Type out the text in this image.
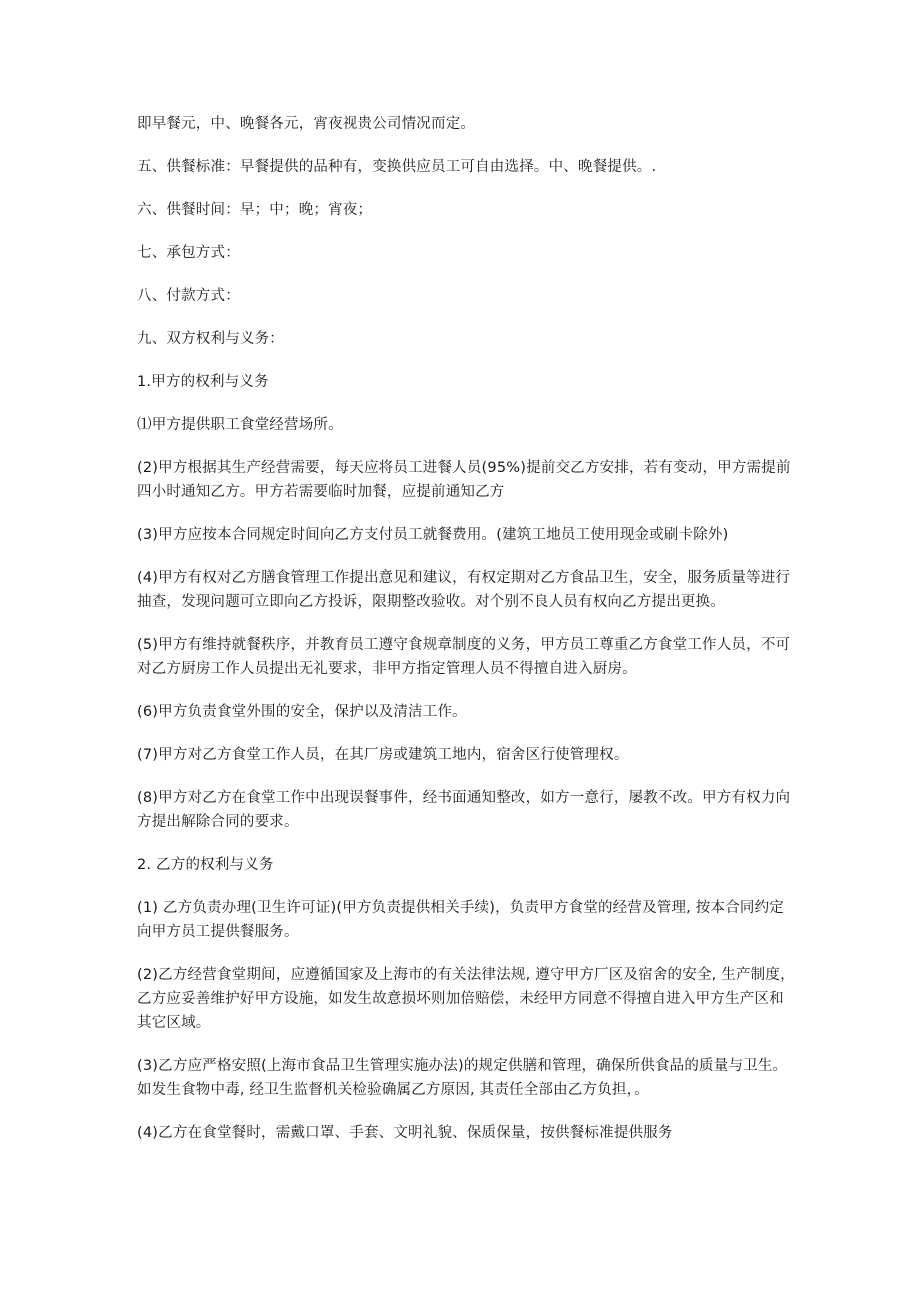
即早餐元，中、晚餐各元，宵夜视贵公司情况而定。

五、供餐标准：早餐提供的品种有，变换供应员工可自由选择。中、晚餐提供。.

六、供餐时间：早；中；晚；宵夜；

七、承包方式：

八、付款方式：

九、双方权利与义务：

1.甲方的权利与义务

⑴甲方提供职工食堂经营场所。

(2)甲方根据其生产经营需要，每天应将员工进餐人员(95%)提前交乙方安排，若有变动，甲方需提前四小时通知乙方。甲方若需要临时加餐，应提前通知乙方

(3)甲方应按本合同规定时间向乙方支付员工就餐费用。(建筑工地员工使用现金或刷卡除外)

(4)甲方有权对乙方膳食管理工作提出意见和建议，有权定期对乙方食品卫生，安全，服务质量等进行抽查，发现问题可立即向乙方投诉，限期整改验收。对个别不良人员有权向乙方提出更换。

(5)甲方有维持就餐秩序，并教育员工遵守食规章制度的义务，甲方员工尊重乙方食堂工作人员，不可对乙方厨房工作人员提出无礼要求，非甲方指定管理人员不得擅自进入厨房。

(6)甲方负责食堂外围的安全，保护以及清洁工作。

(7)甲方对乙方食堂工作人员，在其厂房或建筑工地内，宿舍区行使管理权。

(8)甲方对乙方在食堂工作中出现误餐事件，经书面通知整改，如方一意行，屡教不改。甲方有权力向方提出解除合同的要求。

2. 乙方的权利与义务

(1) 乙方负责办理(卫生许可证)(甲方负责提供相关手续)，负责甲方食堂的经营及管理, 按本合同约定向甲方员工提供餐服务。

(2)乙方经营食堂期间，应遵循国家及上海市的有关法律法规, 遵守甲方厂区及宿舍的安全, 生产制度，乙方应妥善维护好甲方设施，如发生故意损坏则加倍赔偿，未经甲方同意不得擅自进入甲方生产区和其它区域。

(3)乙方应严格安照(上海市食品卫生管理实施办法)的规定供膳和管理，确保所供食品的质量与卫生。如发生食物中毒, 经卫生监督机关检验确属乙方原因, 其责任全部由乙方负担，。

(4)乙方在食堂餐时，需戴口罩、手套、文明礼貌、保质保量，按供餐标准提供服务
